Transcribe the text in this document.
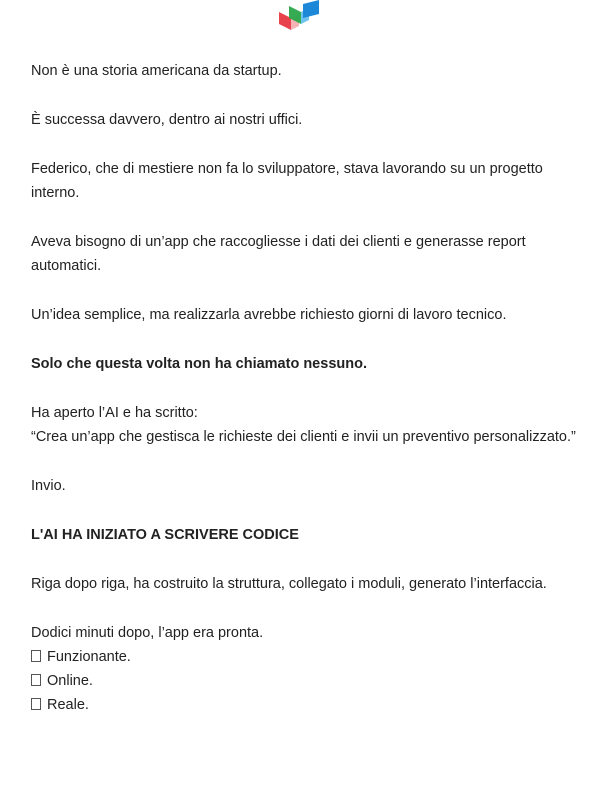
Non è una storia americana da startup.

È successa davvero, dentro ai nostri uffici.

Federico, che di mestiere non fa lo sviluppatore, stava lavorando su un progetto interno.

Aveva bisogno di un’app che raccogliesse i dati dei clienti e generasse report automatici.

Un’idea semplice, ma realizzarla avrebbe richiesto giorni di lavoro tecnico.

Solo che questa volta non ha chiamato nessuno.

Ha aperto l’AI e ha scritto:
“Crea un’app che gestisca le richieste dei clienti e invii un preventivo personalizzato.”

Invio.

L'AI HA INIZIATO A SCRIVERE CODICE

Riga dopo riga, ha costruito la struttura, collegato i moduli, generato l’interfaccia.

Dodici minuti dopo, l’app era pronta.
Funzionante.
Online.
Reale.
